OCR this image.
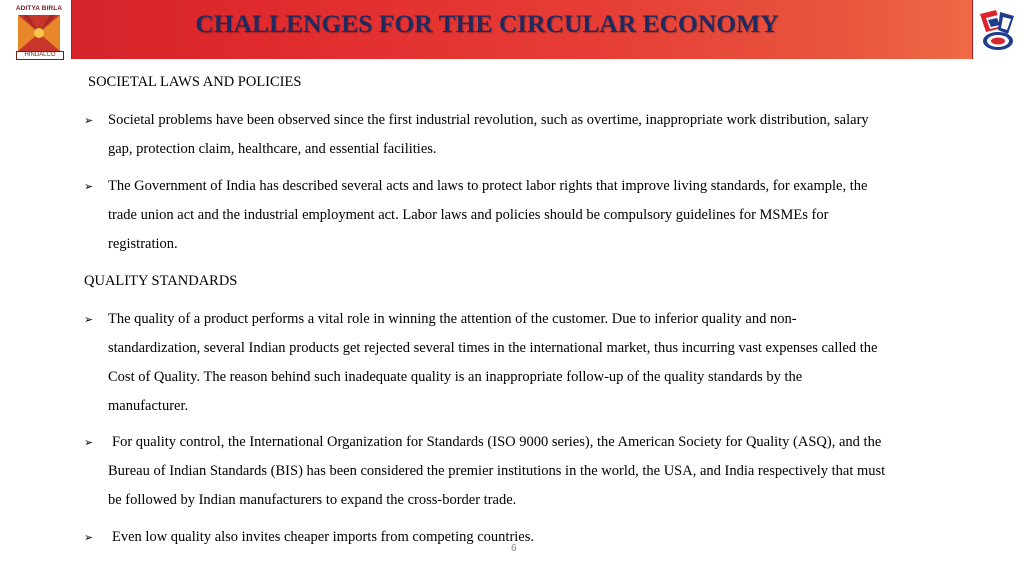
ADITYA BIRLA
HINDALCO
CHALLENGES FOR THE CIRCULAR ECONOMY
SOCIETAL LAWS AND POLICIES
➢	Societal problems have been observed since the first industrial revolution, such as overtime, inappropriate work distribution, salary
gap, protection claim, healthcare, and essential facilities.
➢	The Government of India has described several acts and laws to protect labor rights that improve living standards, for example, the
trade union act and the industrial employment act. Labor laws and policies should be compulsory guidelines for MSMEs for
registration.
QUALITY STANDARDS
➢	The quality of a product performs a vital role in winning the attention of the customer. Due to inferior quality and non-
standardization, several Indian products get rejected several times in the international market, thus incurring vast expenses called the
Cost of Quality. The reason behind such inadequate quality is an inappropriate follow-up of the quality standards by the
manufacturer.
➢	For quality control, the International Organization for Standards (ISO 9000 series), the American Society for Quality (ASQ), and the
Bureau of Indian Standards (BIS) has been considered the premier institutions in the world, the USA, and India respectively that must
be followed by Indian manufacturers to expand the cross-border trade.
➢	Even low quality also invites cheaper imports from competing countries.
6
